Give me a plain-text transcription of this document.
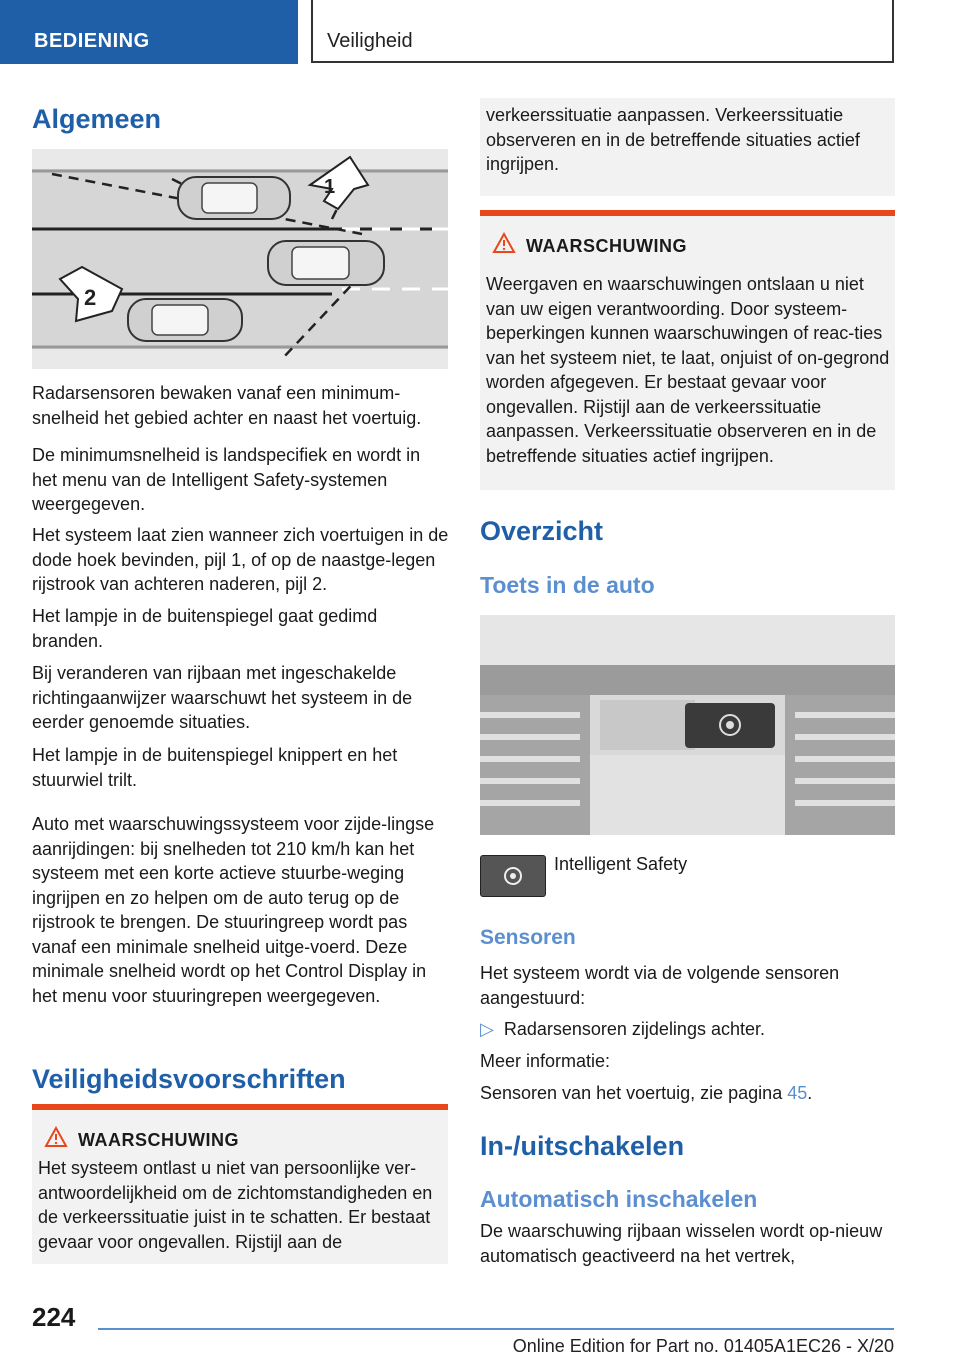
BEDIENING	Veiligheid
Algemeen
1
2
Radarsensoren bewaken vanaf een minimum-snelheid het gebied achter en naast het voertuig.
De minimumsnelheid is landspecifiek en wordt in het menu van de Intelligent Safety-systemen weergegeven.
Het systeem laat zien wanneer zich voertuigen in de dode hoek bevinden, pijl 1, of op de naastge-legen rijstrook van achteren naderen, pijl 2.
Het lampje in de buitenspiegel gaat gedimd branden.
Bij veranderen van rijbaan met ingeschakelde richtingaanwijzer waarschuwt het systeem in de eerder genoemde situaties.
Het lampje in de buitenspiegel knippert en het stuurwiel trilt.
Auto met waarschuwingssysteem voor zijde-lingse aanrijdingen: bij snelheden tot 210 km/h kan het systeem met een korte actieve stuurbe-weging ingrijpen en zo helpen om de auto terug op de rijstrook te brengen. De stuuringreep wordt pas vanaf een minimale snelheid uitge-voerd. Deze minimale snelheid wordt op het Control Display in het menu voor stuuringrepen weergegeven.
Veiligheidsvoorschriften
WAARSCHUWING
Het systeem ontlast u niet van persoonlijke ver-antwoordelijkheid om de zichtomstandigheden en de verkeerssituatie juist in te schatten. Er bestaat gevaar voor ongevallen. Rijstijl aan de
verkeerssituatie aanpassen. Verkeerssituatie observeren en in de betreffende situaties actief ingrijpen.
WAARSCHUWING
Weergaven en waarschuwingen ontslaan u niet van uw eigen verantwoording. Door systeem-beperkingen kunnen waarschuwingen of reac-ties van het systeem niet, te laat, onjuist of on-gegrond worden afgegeven. Er bestaat gevaar voor ongevallen. Rijstijl aan de verkeerssituatie aanpassen. Verkeerssituatie observeren en in de betreffende situaties actief ingrijpen.
Overzicht
Toets in de auto
Intelligent Safety
Sensoren
Het systeem wordt via de volgende sensoren aangestuurd:
▷ Radarsensoren zijdelings achter.
Meer informatie:
Sensoren van het voertuig, zie pagina 45.
In-/uitschakelen
Automatisch inschakelen
De waarschuwing rijbaan wisselen wordt op-nieuw automatisch geactiveerd na het vertrek,
224
Online Edition for Part no. 01405A1EC26 - X/20
